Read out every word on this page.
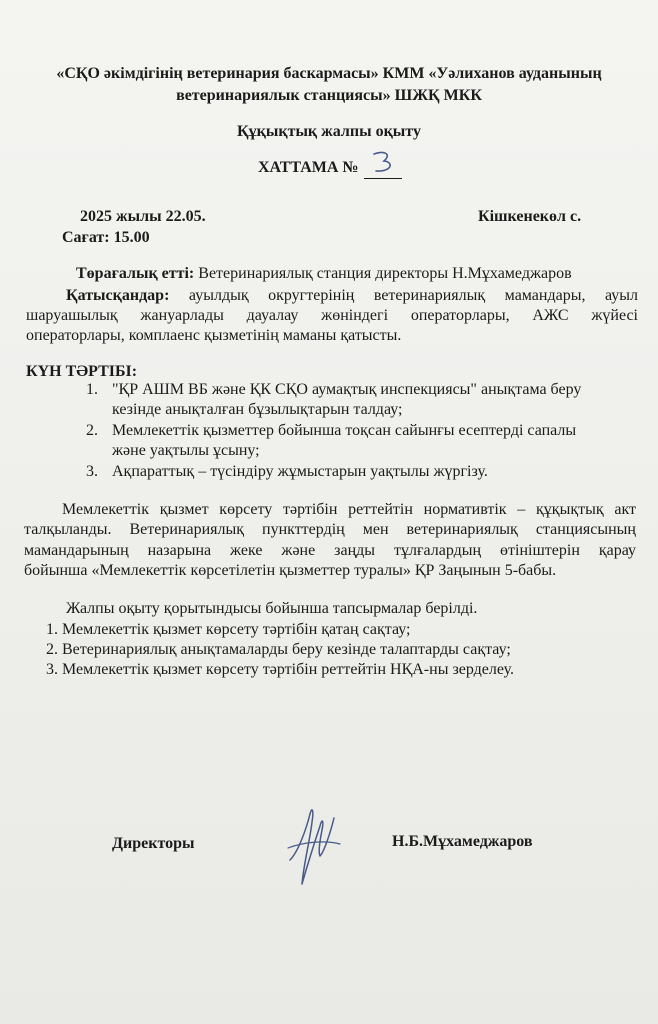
«СҚО әкімдігінің ветеринария баскармасы» КММ «Уәлиханов ауданының
ветеринариялык станциясы» ШЖҚ МКК
Құқықтық жалпы оқыту
ХАТТАМА №
2025 жылы 22.05.	Кішкенекөл с.
Сағат: 15.00
Төрағалық етті: Ветеринариялық станция директоры Н.Мұхамеджаров
Қатысқандар: ауылдық округтерінің ветеринариялық мамандары, ауыл
шаруашылық жануарлады дауалау жөніндегі операторлары, АЖС жүйесі
операторлары, комплаенс қызметінің маманы қатысты.
КҮН ТӘРТІБІ:
1. "ҚР АШМ ВБ және ҚК СҚО аумақтық инспекциясы" анықтама беру
кезінде анықталған бұзылықтарын талдау;
2. Мемлекеттік қызметтер бойынша тоқсан сайынғы есептерді сапалы
және уақтылы ұсыну;
3. Ақпараттық – түсіндіру жұмыстарын уақтылы жүргізу.
Мемлекеттік қызмет көрсету тәртібін реттейтін нормативтік – құқықтық акт
талқыланды. Ветеринариялық пункттердің мен ветеринариялық станциясының
мамандарының назарына жеке және заңды тұлғалардың өтініштерін қарау
бойынша «Мемлекеттік көрсетілетін қызметтер туралы» ҚР Заңынын 5-бабы.
Жалпы оқыту қорытындысы бойынша тапсырмалар берілді.
1. Мемлекеттік қызмет көрсету тәртібін қатаң сақтау;
2. Ветеринариялық анықтамаларды беру кезінде талаптарды сақтау;
3. Мемлекеттік қызмет көрсету тәртібін реттейтін НҚА-ны зерделеу.
Директоры	Н.Б.Мұхамеджаров
